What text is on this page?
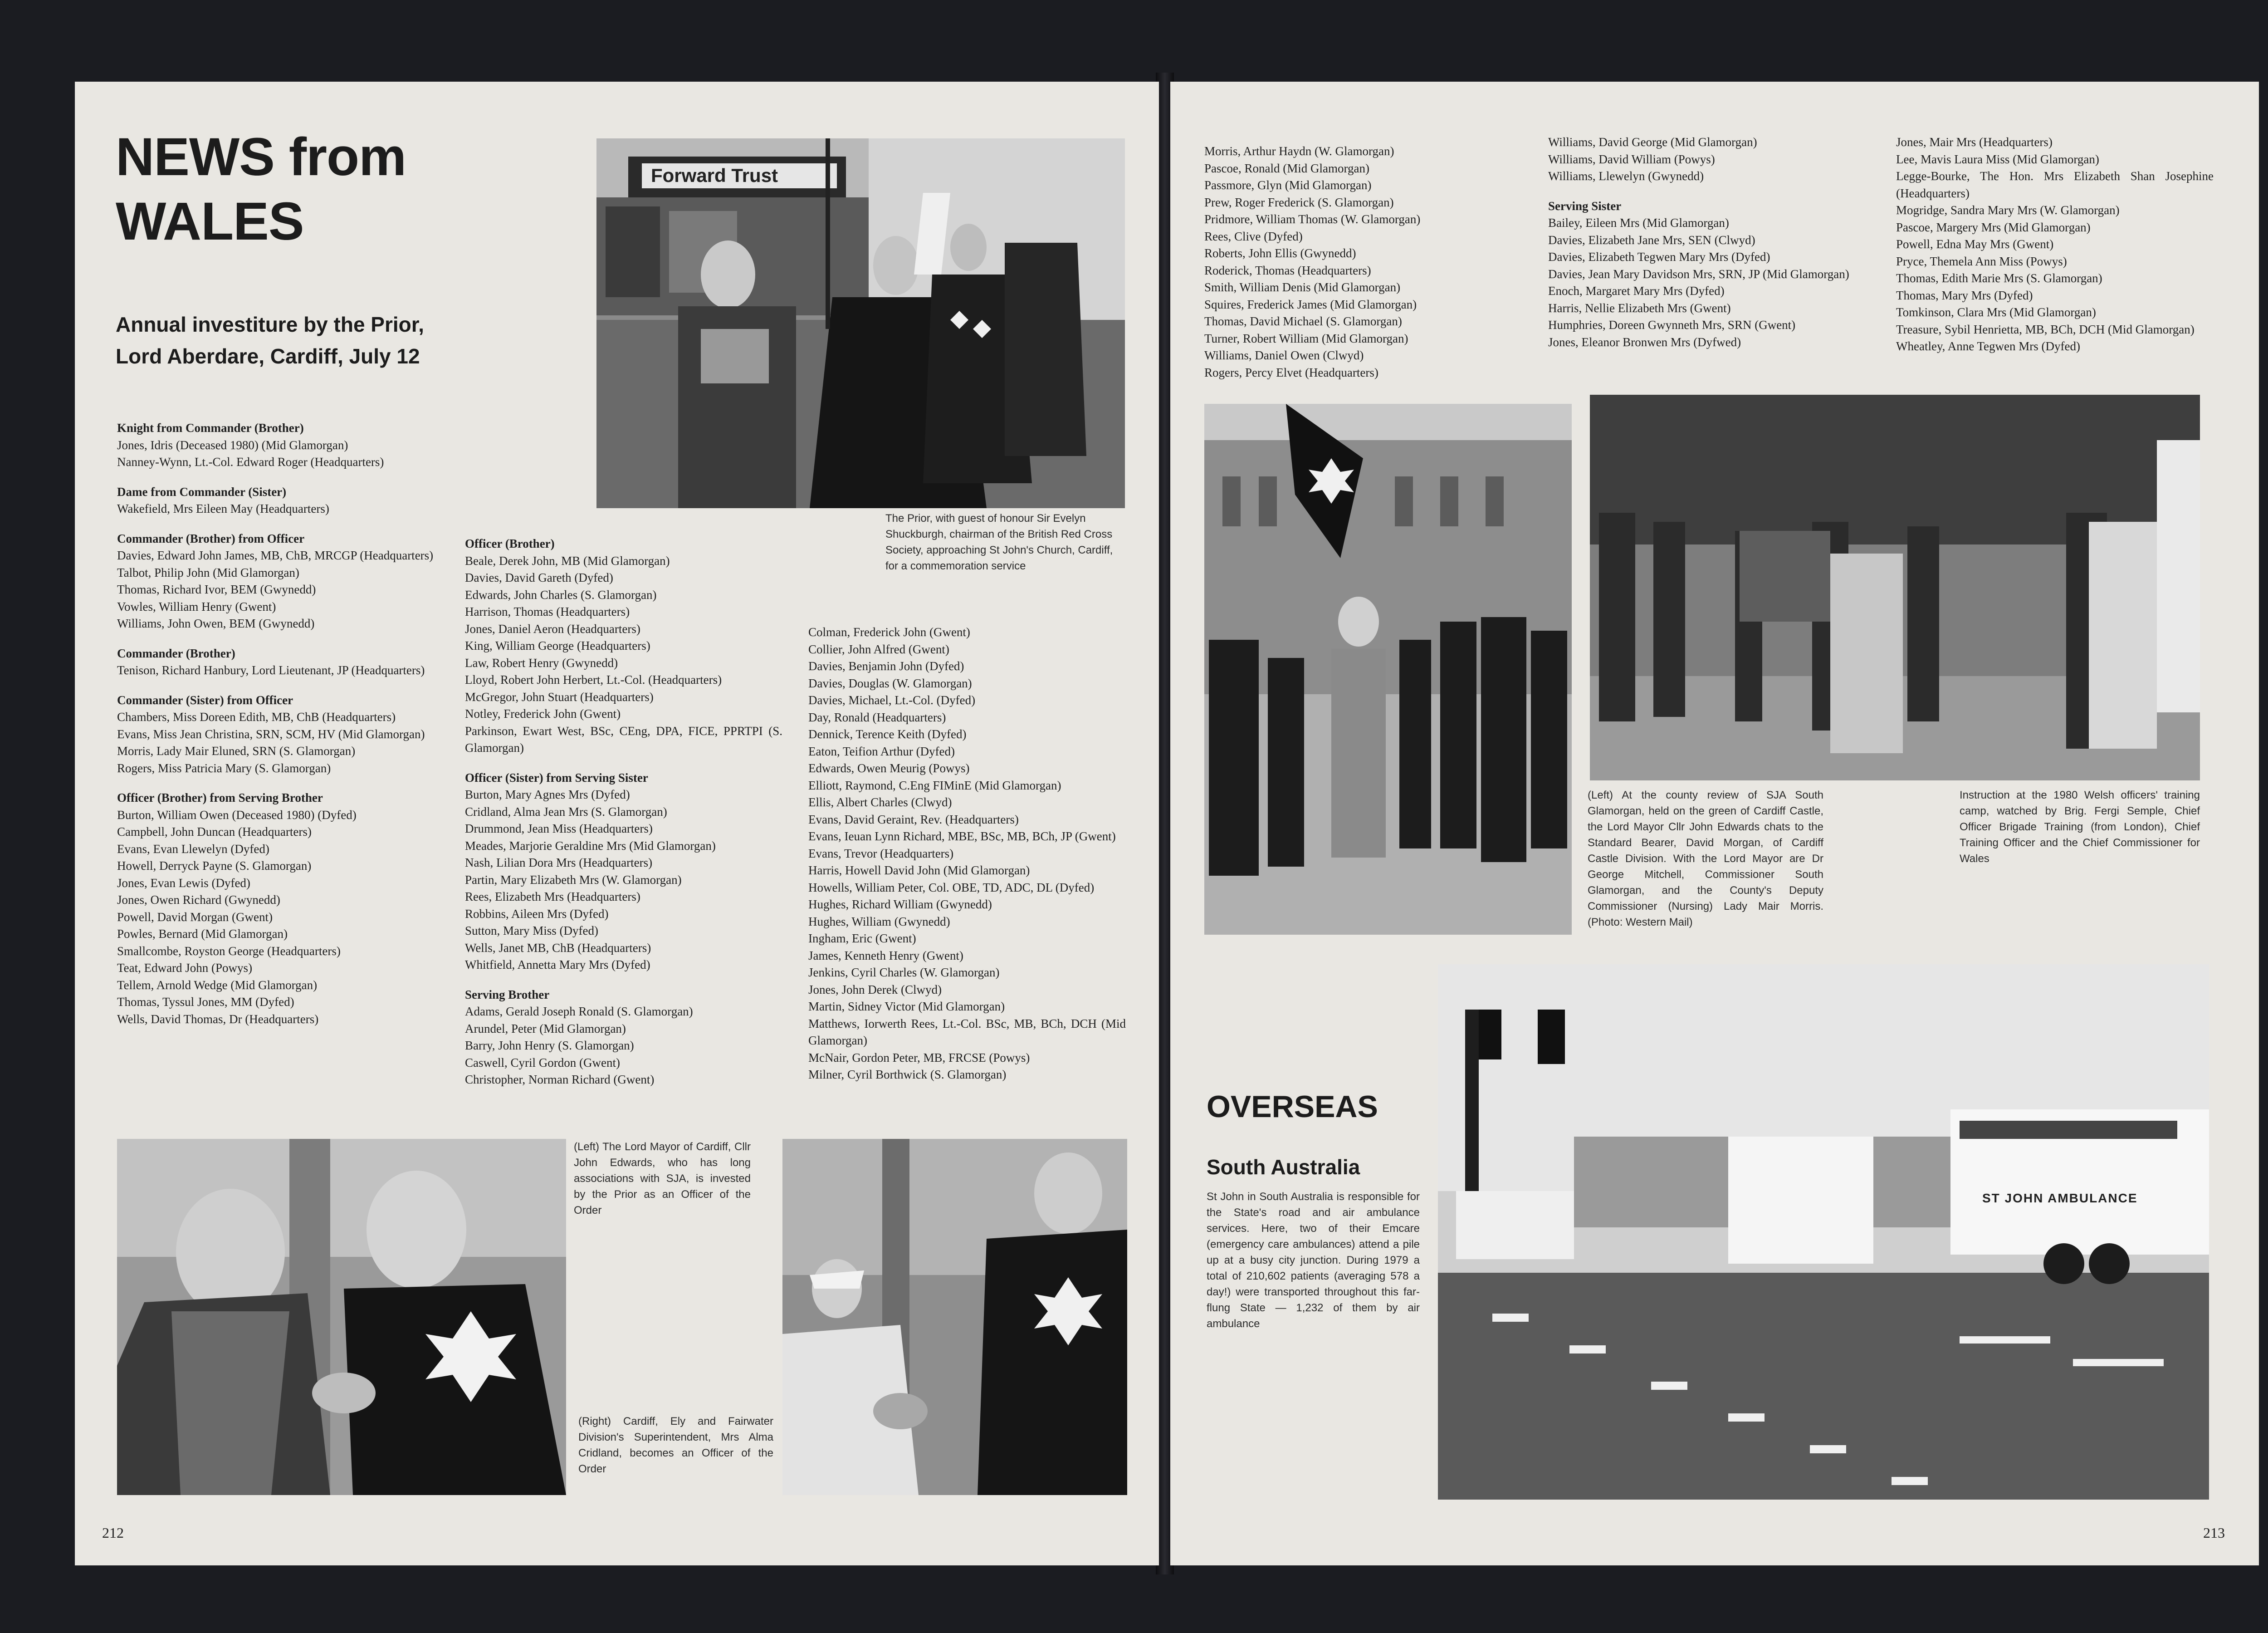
NEWS from
WALES
Annual investiture by the Prior,
Lord Aberdare, Cardiff, July 12
Forward Trust
The Prior, with guest of honour Sir Evelyn Shuckburgh, chairman of the British Red Cross Society, approaching St John's Church, Cardiff, for a commemoration service

Knight from Commander (Brother)
Jones, Idris (Deceased 1980) (Mid Glamorgan)
Nanney-Wynn, Lt.-Col. Edward Roger (Headquarters)

Dame from Commander (Sister)
Wakefield, Mrs Eileen May (Headquarters)

Commander (Brother) from Officer
Davies, Edward John James, MB, ChB, MRCGP (Headquarters)
Talbot, Philip John (Mid Glamorgan)
Thomas, Richard Ivor, BEM (Gwynedd)
Vowles, William Henry (Gwent)
Williams, John Owen, BEM (Gwynedd)

Commander (Brother)
Tenison, Richard Hanbury, Lord Lieutenant, JP (Headquarters)

Commander (Sister) from Officer
Chambers, Miss Doreen Edith, MB, ChB (Headquarters)
Evans, Miss Jean Christina, SRN, SCM, HV (Mid Glamorgan)
Morris, Lady Mair Eluned, SRN (S. Glamorgan)
Rogers, Miss Patricia Mary (S. Glamorgan)

Officer (Brother) from Serving Brother
Burton, William Owen (Deceased 1980) (Dyfed)
Campbell, John Duncan (Headquarters)
Evans, Evan Llewelyn (Dyfed)
Howell, Derryck Payne (S. Glamorgan)
Jones, Evan Lewis (Dyfed)
Jones, Owen Richard (Gwynedd)
Powell, David Morgan (Gwent)
Powles, Bernard (Mid Glamorgan)
Smallcombe, Royston George (Headquarters)
Teat, Edward John (Powys)
Tellem, Arnold Wedge (Mid Glamorgan)
Thomas, Tyssul Jones, MM (Dyfed)
Wells, David Thomas, Dr (Headquarters)

Officer (Brother)
Beale, Derek John, MB (Mid Glamorgan)
Davies, David Gareth (Dyfed)
Edwards, John Charles (S. Glamorgan)
Harrison, Thomas (Headquarters)
Jones, Daniel Aeron (Headquarters)
King, William George (Headquarters)
Law, Robert Henry (Gwynedd)
Lloyd, Robert John Herbert, Lt.-Col. (Headquarters)
McGregor, John Stuart (Headquarters)
Notley, Frederick John (Gwent)
Parkinson, Ewart West, BSc, CEng, DPA, FICE, PPRTPI (S. Glamorgan)

Officer (Sister) from Serving Sister
Burton, Mary Agnes Mrs (Dyfed)
Cridland, Alma Jean Mrs (S. Glamorgan)
Drummond, Jean Miss (Headquarters)
Meades, Marjorie Geraldine Mrs (Mid Glamorgan)
Nash, Lilian Dora Mrs (Headquarters)
Partin, Mary Elizabeth Mrs (W. Glamorgan)
Rees, Elizabeth Mrs (Headquarters)
Robbins, Aileen Mrs (Dyfed)
Sutton, Mary Miss (Dyfed)
Wells, Janet MB, ChB (Headquarters)
Whitfield, Annetta Mary Mrs (Dyfed)

Serving Brother
Adams, Gerald Joseph Ronald (S. Glamorgan)
Arundel, Peter (Mid Glamorgan)
Barry, John Henry (S. Glamorgan)
Caswell, Cyril Gordon (Gwent)
Christopher, Norman Richard (Gwent)

Colman, Frederick John (Gwent)

Collier, John Alfred (Gwent)

Davies, Benjamin John (Dyfed)

Davies, Douglas (W. Glamorgan)

Davies, Michael, Lt.-Col. (Dyfed)

Day, Ronald (Headquarters)

Dennick, Terence Keith (Dyfed)

Eaton, Teifion Arthur (Dyfed)

Edwards, Owen Meurig (Powys)

Elliott, Raymond, C.Eng FIMinE (Mid Glamorgan)

Ellis, Albert Charles (Clwyd)

Evans, David Geraint, Rev. (Headquarters)

Evans, Ieuan Lynn Richard, MBE, BSc, MB, BCh, JP (Gwent)

Evans, Trevor (Headquarters)

Harris, Howell David John (Mid Glamorgan)

Howells, William Peter, Col. OBE, TD, ADC, DL (Dyfed)

Hughes, Richard William (Gwynedd)

Hughes, William (Gwynedd)

Ingham, Eric (Gwent)

James, Kenneth Henry (Gwent)

Jenkins, Cyril Charles (W. Glamorgan)

Jones, John Derek (Clwyd)

Martin, Sidney Victor (Mid Glamorgan)

Matthews, Iorwerth Rees, Lt.-Col. BSc, MB, BCh, DCH (Mid Glamorgan)

McNair, Gordon Peter, MB, FRCSE (Powys)

Milner, Cyril Borthwick (S. Glamorgan)

(Left) The Lord Mayor of Cardiff, Cllr John Edwards, who has long associations with SJA, is invested by the Prior as an Officer of the Order
(Right) Cardiff, Ely and Fairwater Division's Superintendent, Mrs Alma Cridland, becomes an Officer of the Order
212

Morris, Arthur Haydn (W. Glamorgan)

Pascoe, Ronald (Mid Glamorgan)

Passmore, Glyn (Mid Glamorgan)

Prew, Roger Frederick (S. Glamorgan)

Pridmore, William Thomas (W. Glamorgan)

Rees, Clive (Dyfed)

Roberts, John Ellis (Gwynedd)

Roderick, Thomas (Headquarters)

Smith, William Denis (Mid Glamorgan)

Squires, Frederick James (Mid Glamorgan)

Thomas, David Michael (S. Glamorgan)

Turner, Robert William (Mid Glamorgan)

Williams, Daniel Owen (Clwyd)

Rogers, Percy Elvet (Headquarters)

Williams, David George (Mid Glamorgan)

Williams, David William (Powys)

Williams, Llewelyn (Gwynedd)

Serving Sister

Bailey, Eileen Mrs (Mid Glamorgan)

Davies, Elizabeth Jane Mrs, SEN (Clwyd)

Davies, Elizabeth Tegwen Mary Mrs (Dyfed)

Davies, Jean Mary Davidson Mrs, SRN, JP (Mid Glamorgan)

Enoch, Margaret Mary Mrs (Dyfed)

Harris, Nellie Elizabeth Mrs (Gwent)

Humphries, Doreen Gwynneth Mrs, SRN (Gwent)

Jones, Eleanor Bronwen Mrs (Dyfwed)

Jones, Mair Mrs (Headquarters)

Lee, Mavis Laura Miss (Mid Glamorgan)

Legge-Bourke, The Hon. Mrs Elizabeth Shan Josephine (Headquarters)

Mogridge, Sandra Mary Mrs (W. Glamorgan)

Pascoe, Margery Mrs (Mid Glamorgan)

Powell, Edna May Mrs (Gwent)

Pryce, Themela Ann Miss (Powys)

Thomas, Edith Marie Mrs (S. Glamorgan)

Thomas, Mary Mrs (Dyfed)

Tomkinson, Clara Mrs (Mid Glamorgan)

Treasure, Sybil Henrietta, MB, BCh, DCH (Mid Glamorgan)

Wheatley, Anne Tegwen Mrs (Dyfed)

(Left) At the county review of SJA South Glamorgan, held on the green of Cardiff Castle, the Lord Mayor Cllr John Edwards chats to the Standard Bearer, David Morgan, of Cardiff Castle Division. With the Lord Mayor are Dr George Mitchell, Commissioner South Glamorgan, and the County's Deputy Commissioner (Nursing) Lady Mair Morris. (Photo: Western Mail)
Instruction at the 1980 Welsh officers' training camp, watched by Brig. Fergi Semple, Chief Officer Brigade Training (from London), Chief Training Officer and the Chief Commissioner for Wales
OVERSEAS
South Australia
St John in South Australia is responsible for the State's road and air ambulance services. Here, two of their Emcare (emergency care ambulances) attend a pile up at a busy city junction. During 1979 a total of 210,602 patients (averaging 578 a day!) were transported throughout this far-flung State — 1,232 of them by air ambulance
ST JOHN AMBULANCE
213
